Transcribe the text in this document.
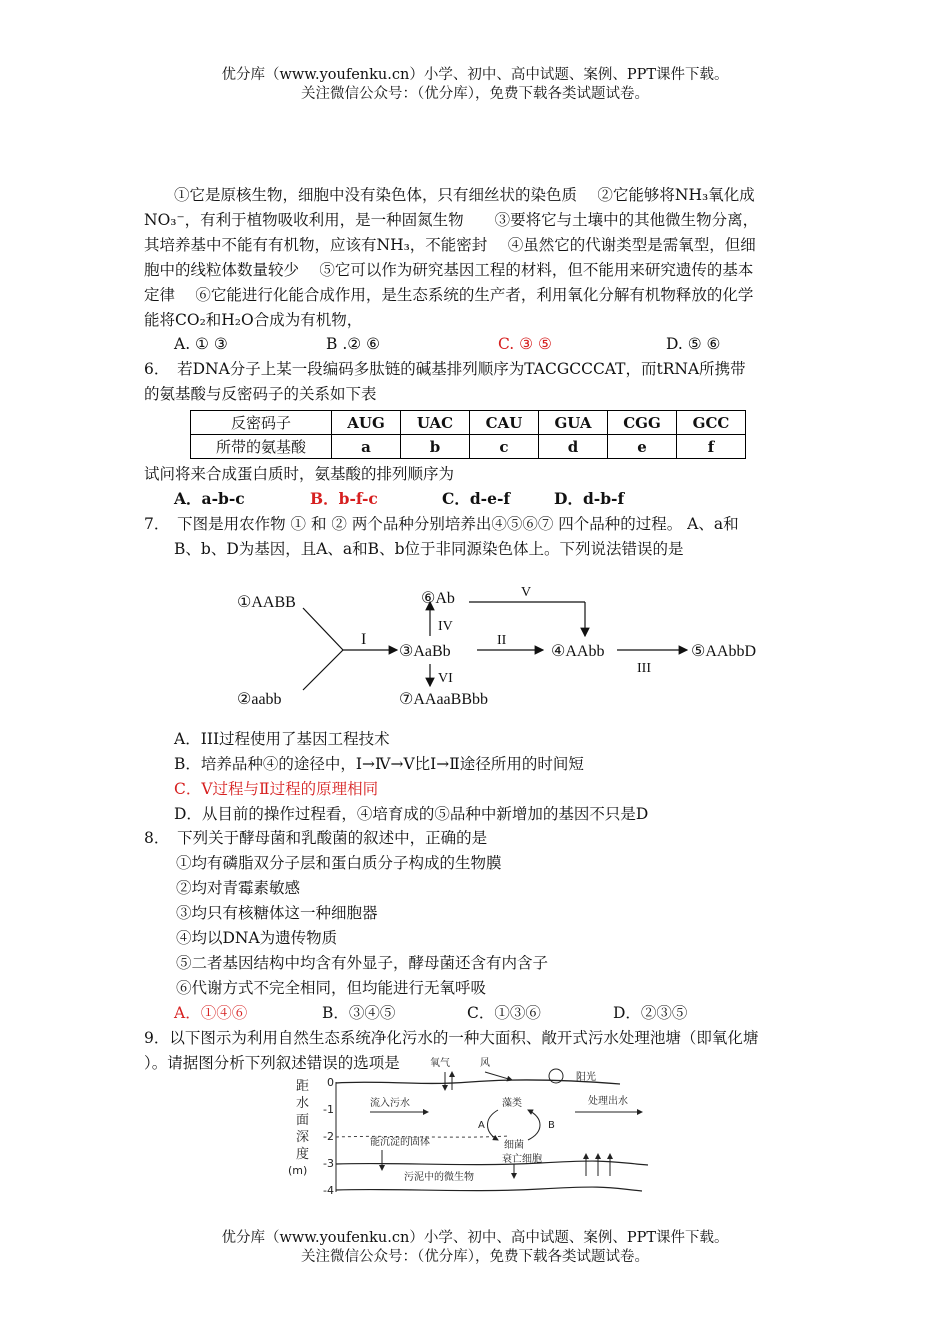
优分库（www.youfenku.cn）小学、初中、高中试题、案例、PPT课件下载。
关注微信公众号：（优分库），免费下载各类试题试卷。

①它是原核生物，细胞中没有染色体，只有细丝状的染色质　 ②它能够将NH₃氧化成

NO₃⁻，有利于植物吸收利用，是一种固氮生物　　③要将它与土壤中的其他微生物分离，

其培养基中不能有有机物，应该有NH₃，不能密封　 ④虽然它的代谢类型是需氧型，但细

胞中的线粒体数量较少　 ⑤它可以作为研究基因工程的材料，但不能用来研究遗传的基本

定律　 ⑥它能进行化能合成作用，是生态系统的生产者，利用氧化分解有机物释放的化学

能将CO₂和H₂O合成为有机物，

A. ① ③	B .② ⑥	C. ③ ⑤	D. ⑤ ⑥

6．　若DNA分子上某一段编码多肽链的碱基排列顺序为TACGCCCAT，而tRNA所携带

的氨基酸与反密码子的关系如下表

反密码子	AUG	UAC	CAU	GUA	CGG	GCC
所带的氨基酸	a	b	c	d	e	f

试问将来合成蛋白质时，氨基酸的排列顺序为

A．a-b-c	B．b-f-c	C．d-e-f	D．d-b-f

7．　下图是用农作物 ① 和 ② 两个品种分别培养出④⑤⑥⑦ 四个品种的过程。 A、a和

B、b、D为基因，且A、a和B、b位于非同源染色体上。下列说法错误的是

A．III过程使用了基因工程技术

B．培养品种④的途径中，Ⅰ→Ⅳ→Ⅴ比Ⅰ→Ⅱ途径所用的时间短

C．Ⅴ过程与Ⅱ过程的原理相同

D．从目前的操作过程看，④培育成的⑤品种中新增加的基因不只是D

8．　下列关于酵母菌和乳酸菌的叙述中，正确的是

①均有磷脂双分子层和蛋白质分子构成的生物膜

②均对青霉素敏感

③均只有核糖体这一种细胞器

④均以DNA为遗传物质

⑤二者基因结构中均含有外显子，酵母菌还含有内含子

⑥代谢方式不完全相同，但均能进行无氧呼吸

A．①④⑥	B．③④⑤	C．①③⑥	D．②③⑤

9．以下图示为利用自然生态系统净化污水的一种大面积、敞开式污水处理池塘（即氧化塘

）。请据图分析下列叙述错误的选项是

①AABB
②aabb
I
③AaBb
IV
⑥Ab	V
II
④AAbb
VI
⑦AAaaBBbb
III
⑤AAbbD
距
水
面
深
度
(m)
0
-1
-2
-3
-4
氧气	风
阳光
流入污水	藻类	处理出水
A	B
细菌
能沉淀的固体
衰亡细胞
污泥中的微生物
优分库（www.youfenku.cn）小学、初中、高中试题、案例、PPT课件下载。
关注微信公众号：（优分库），免费下载各类试题试卷。
